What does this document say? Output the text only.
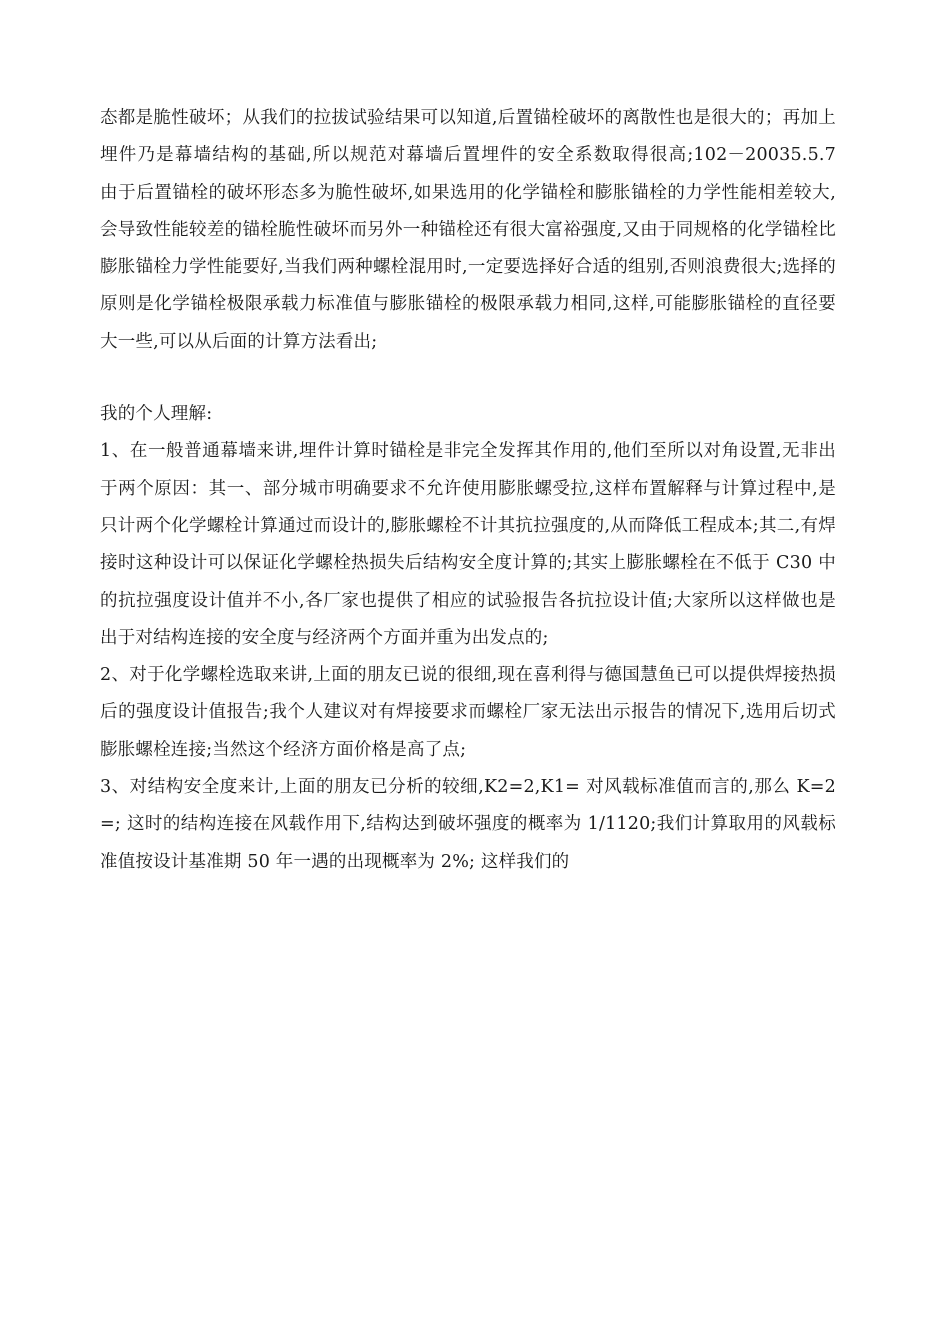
态都是脆性破坏；从我们的拉拔试验结果可以知道,后置锚栓破坏的离散性也是很大的；再加上埋件乃是幕墙结构的基础,所以规范对幕墙后置埋件的安全系数取得很高;102－20035.5.7　由于后置锚栓的破坏形态多为脆性破坏,如果选用的化学锚栓和膨胀锚栓的力学性能相差较大,会导致性能较差的锚栓脆性破坏而另外一种锚栓还有很大富裕强度,又由于同规格的化学锚栓比膨胀锚栓力学性能要好,当我们两种螺栓混用时,一定要选择好合适的组别,否则浪费很大;选择的原则是化学锚栓极限承载力标准值与膨胀锚栓的极限承载力相同,这样,可能膨胀锚栓的直径要大一些,可以从后面的计算方法看出;

我的个人理解:

1、在一般普通幕墙来讲,埋件计算时锚栓是非完全发挥其作用的,他们至所以对角设置,无非出于两个原因：其一、部分城市明确要求不允许使用膨胀螺受拉,这样布置解释与计算过程中,是只计两个化学螺栓计算通过而设计的,膨胀螺栓不计其抗拉强度的,从而降低工程成本;其二,有焊接时这种设计可以保证化学螺栓热损失后结构安全度计算的;其实上膨胀螺栓在不低于 C30 中的抗拉强度设计值并不小,各厂家也提供了相应的试验报告各抗拉设计值;大家所以这样做也是出于对结构连接的安全度与经济两个方面并重为出发点的;

2、对于化学螺栓选取来讲,上面的朋友已说的很细,现在喜利得与德国慧鱼已可以提供焊接热损后的强度设计值报告;我个人建议对有焊接要求而螺栓厂家无法出示报告的情况下,选用后切式膨胀螺栓连接;当然这个经济方面价格是高了点;

3、对结构安全度来计,上面的朋友已分析的较细,K2=2,K1= 对风载标准值而言的,那么 K=2=; 这时的结构连接在风载作用下,结构达到破坏强度的概率为 1/1120;我们计算取用的风载标准值按设计基准期 50 年一遇的出现概率为 2%; 这样我们的
